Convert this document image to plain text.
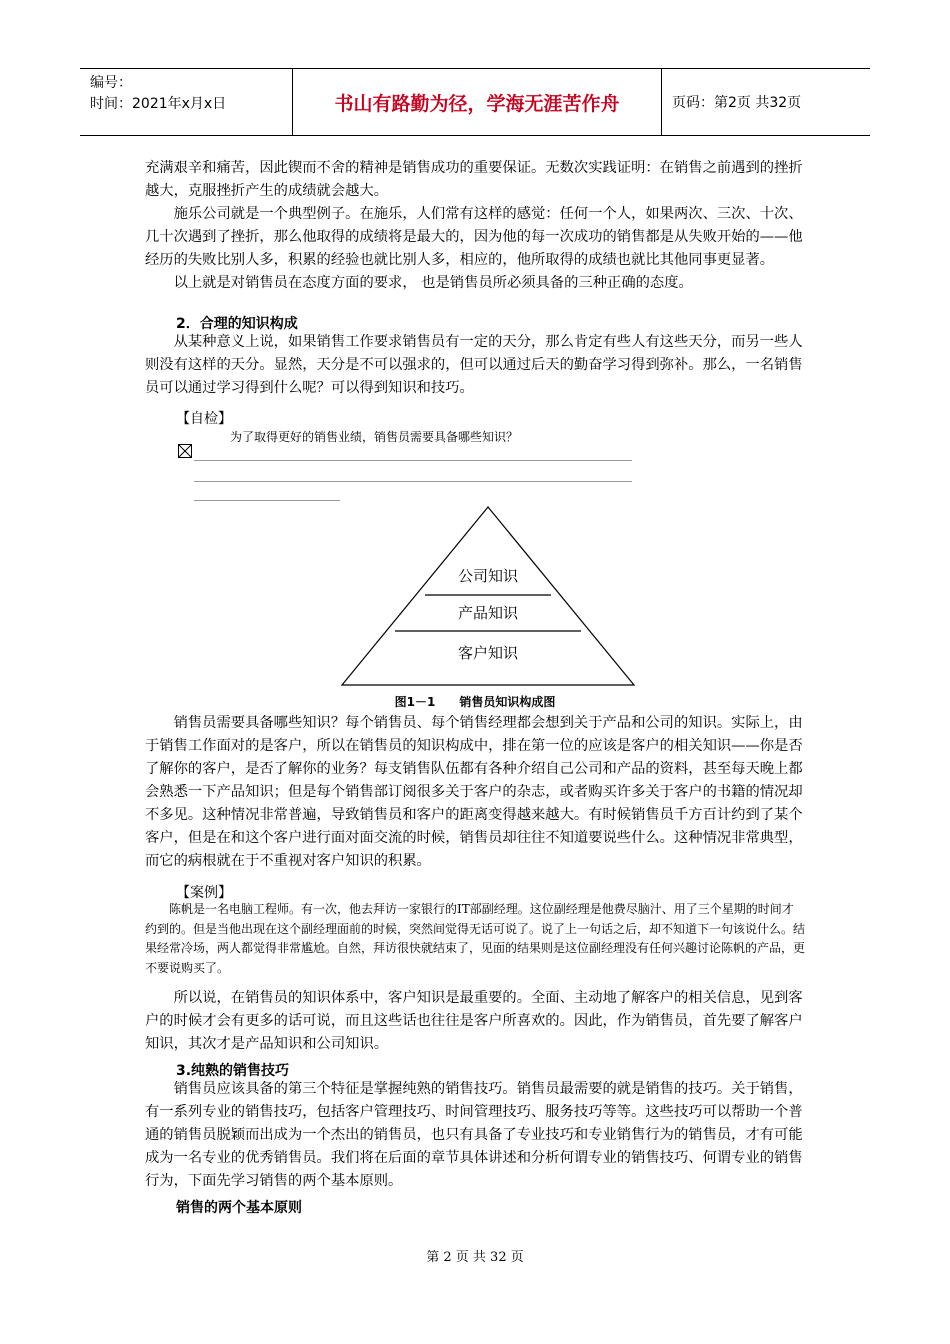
编号：
时间：2021年x月x日	书山有路勤为径，学海无涯苦作舟	页码：第2页 共32页

充满艰辛和痛苦，因此锲而不舍的精神是销售成功的重要保证。无数次实践证明：在销售之前遇到的挫折越大，克服挫折产生的成绩就会越大。

施乐公司就是一个典型例子。在施乐，人们常有这样的感觉：任何一个人，如果两次、三次、十次、几十次遇到了挫折，那么他取得的成绩将是最大的，因为他的每一次成功的销售都是从失败开始的——他经历的失败比别人多，积累的经验也就比别人多，相应的，他所取得的成绩也就比其他同事更显著。

以上就是对销售员在态度方面的要求， 也是销售员所必须具备的三种正确的态度。

2．合理的知识构成

从某种意义上说，如果销售工作要求销售员有一定的天分，那么肯定有些人有这些天分，而另一些人则没有这样的天分。显然，天分是不可以强求的，但可以通过后天的勤奋学习得到弥补。那么，一名销售员可以通过学习得到什么呢？可以得到知识和技巧。

【自检】
为了取得更好的销售业绩，销售员需要具备哪些知识？
公司知识
产品知识
客户知识
图1－1　　销售员知识构成图

销售员需要具备哪些知识？每个销售员、每个销售经理都会想到关于产品和公司的知识。实际上，由于销售工作面对的是客户，所以在销售员的知识构成中，排在第一位的应该是客户的相关知识——你是否了解你的客户，是否了解你的业务？每支销售队伍都有各种介绍自己公司和产品的资料，甚至每天晚上都会熟悉一下产品知识；但是每个销售部订阅很多关于客户的杂志，或者购买许多关于客户的书籍的情况却不多见。这种情况非常普遍，导致销售员和客户的距离变得越来越大。有时候销售员千方百计约到了某个客户，但是在和这个客户进行面对面交流的时候，销售员却往往不知道要说些什么。这种情况非常典型，而它的病根就在于不重视对客户知识的积累。

【案例】

陈帆是一名电脑工程师。有一次，他去拜访一家银行的IT部副经理。这位副经理是他费尽脑汁、用了三个星期的时间才约到的。但是当他出现在这个副经理面前的时候，突然间觉得无话可说了。说了上一句话之后，却不知道下一句该说什么。结果经常冷场，两人都觉得非常尴尬。自然，拜访很快就结束了，见面的结果则是这位副经理没有任何兴趣讨论陈帆的产品，更不要说购买了。

所以说，在销售员的知识体系中，客户知识是最重要的。全面、主动地了解客户的相关信息，见到客户的时候才会有更多的话可说，而且这些话也往往是客户所喜欢的。因此，作为销售员，首先要了解客户知识，其次才是产品知识和公司知识。

3.纯熟的销售技巧

销售员应该具备的第三个特征是掌握纯熟的销售技巧。销售员最需要的就是销售的技巧。关于销售，有一系列专业的销售技巧，包括客户管理技巧、时间管理技巧、服务技巧等等。这些技巧可以帮助一个普通的销售员脱颖而出成为一个杰出的销售员，也只有具备了专业技巧和专业销售行为的销售员，才有可能成为一名专业的优秀销售员。我们将在后面的章节具体讲述和分析何谓专业的销售技巧、何谓专业的销售行为，下面先学习销售的两个基本原则。

销售的两个基本原则
第 2 页 共 32 页
